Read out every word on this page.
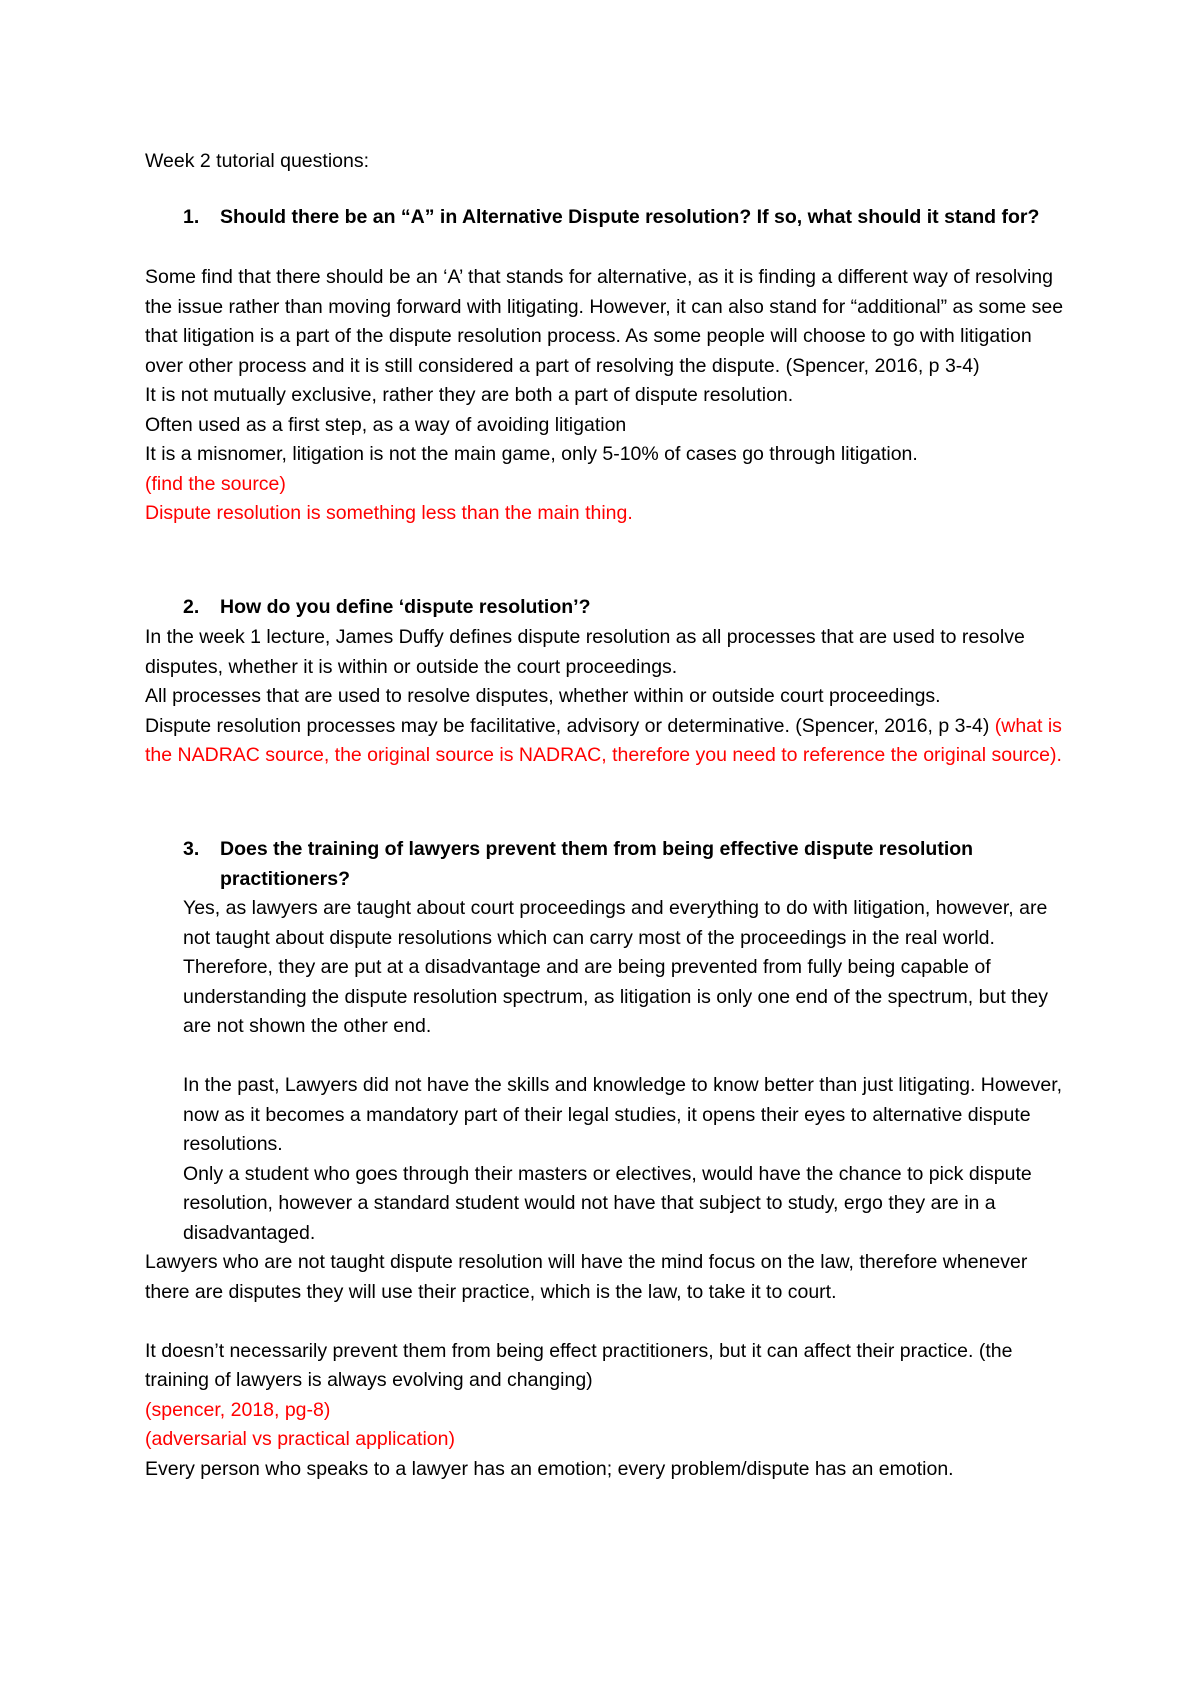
Week 2 tutorial questions:
1. Should there be an “A” in Alternative Dispute resolution? If so, what should it stand for?
Some find that there should be an ‘A’ that stands for alternative, as it is finding a different way of resolving the issue rather than moving forward with litigating. However, it can also stand for “additional” as some see that litigation is a part of the dispute resolution process. As some people will choose to go with litigation over other process and it is still considered a part of resolving the dispute. (Spencer, 2016, p 3-4)
It is not mutually exclusive, rather they are both a part of dispute resolution.
Often used as a first step, as a way of avoiding litigation
It is a misnomer, litigation is not the main game, only 5-10% of cases go through litigation.
(find the source)
Dispute resolution is something less than the main thing.
2. How do you define ‘dispute resolution’?
In the week 1 lecture, James Duffy defines dispute resolution as all processes that are used to resolve disputes, whether it is within or outside the court proceedings.
All processes that are used to resolve disputes, whether within or outside court proceedings.
Dispute resolution processes may be facilitative, advisory or determinative. (Spencer, 2016, p 3-4) (what is the NADRAC source, the original source is NADRAC, therefore you need to reference the original source).
3. Does the training of lawyers prevent them from being effective dispute resolution practitioners?
Yes, as lawyers are taught about court proceedings and everything to do with litigation, however, are not taught about dispute resolutions which can carry most of the proceedings in the real world. Therefore, they are put at a disadvantage and are being prevented from fully being capable of understanding the dispute resolution spectrum, as litigation is only one end of the spectrum, but they are not shown the other end.
In the past, Lawyers did not have the skills and knowledge to know better than just litigating. However, now as it becomes a mandatory part of their legal studies, it opens their eyes to alternative dispute resolutions.
Only a student who goes through their masters or electives, would have the chance to pick dispute resolution, however a standard student would not have that subject to study, ergo they are in a disadvantaged.
Lawyers who are not taught dispute resolution will have the mind focus on the law, therefore whenever there are disputes they will use their practice, which is the law, to take it to court.
It doesn’t necessarily prevent them from being effect practitioners, but it can affect their practice. (the training of lawyers is always evolving and changing)
(spencer, 2018, pg-8)
(adversarial vs practical application)
Every person who speaks to a lawyer has an emotion; every problem/dispute has an emotion.
